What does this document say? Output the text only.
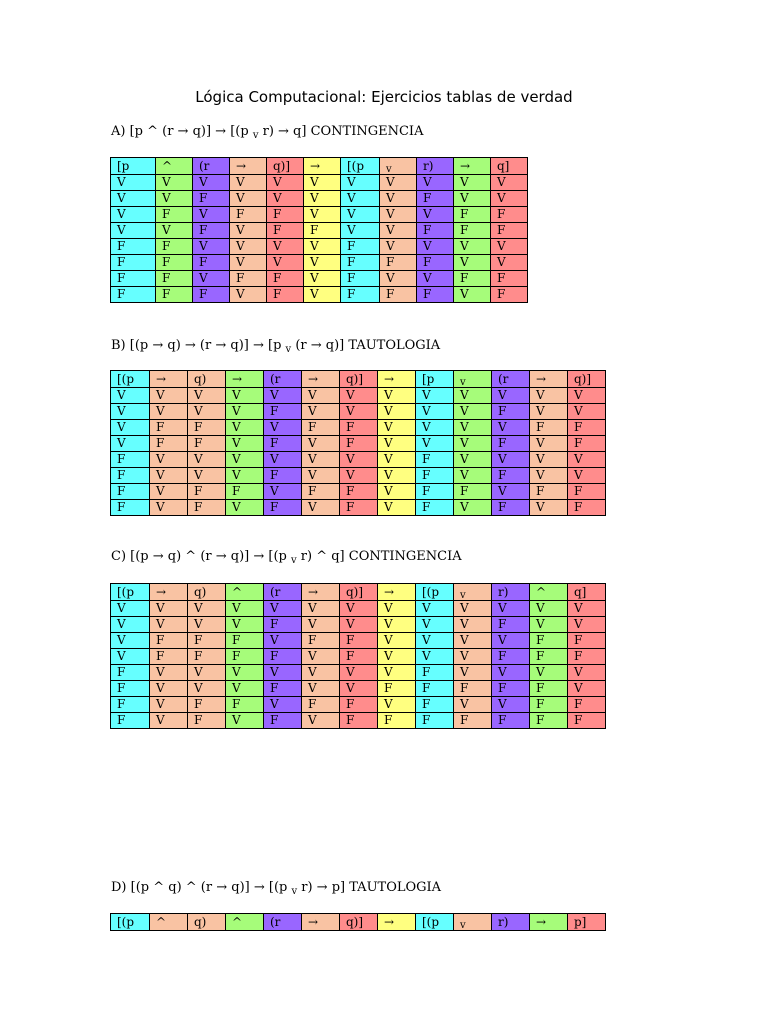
Lógica Computacional: Ejercicios tablas de verdad
A) [p ^ (r → q)] → [(p $_v$ r) → q] CONTINGENCIA
[p	^	(r	→	q)]	→	[(p	$_v$	r)	→	q]
V	V	V	V	V	V	V	V	V	V	V
V	V	F	V	V	V	V	V	F	V	V
V	F	V	F	F	V	V	V	V	F	F
V	V	F	V	F	F	V	V	F	F	F
F	F	V	V	V	V	F	V	V	V	V
F	F	F	V	V	V	F	F	F	V	V
F	F	V	F	F	V	F	V	V	F	F
F	F	F	V	F	V	F	F	F	V	F
B) [(p → q) → (r → q)] → [p $_v$ (r → q)] TAUTOLOGIA
[(p	→	q)	→	(r	→	q)]	→	[p	$_v$	(r	→	q)]
V	V	V	V	V	V	V	V	V	V	V	V	V
V	V	V	V	F	V	V	V	V	V	F	V	V
V	F	F	V	V	F	F	V	V	V	V	F	F
V	F	F	V	F	V	F	V	V	V	F	V	F
F	V	V	V	V	V	V	V	F	V	V	V	V
F	V	V	V	F	V	V	V	F	V	F	V	V
F	V	F	F	V	F	F	V	F	F	V	F	F
F	V	F	V	F	V	F	V	F	V	F	V	F
C) [(p → q) ^ (r → q)] → [(p $_v$ r) ^ q] CONTINGENCIA
[(p	→	q)	^	(r	→	q)]	→	[(p	$_v$	r)	^	q]
V	V	V	V	V	V	V	V	V	V	V	V	V
V	V	V	V	F	V	V	V	V	V	F	V	V
V	F	F	F	V	F	F	V	V	V	V	F	F
V	F	F	F	F	V	F	V	V	V	F	F	F
F	V	V	V	V	V	V	V	F	V	V	V	V
F	V	V	V	F	V	V	F	F	F	F	F	V
F	V	F	F	V	F	F	V	F	V	V	F	F
F	V	F	V	F	V	F	F	F	F	F	F	F
D) [(p ^ q) ^ (r → q)] → [(p $_v$ r) → p] TAUTOLOGIA
[(p	^	q)	^	(r	→	q)]	→	[(p	$_v$	r)	→	p]
